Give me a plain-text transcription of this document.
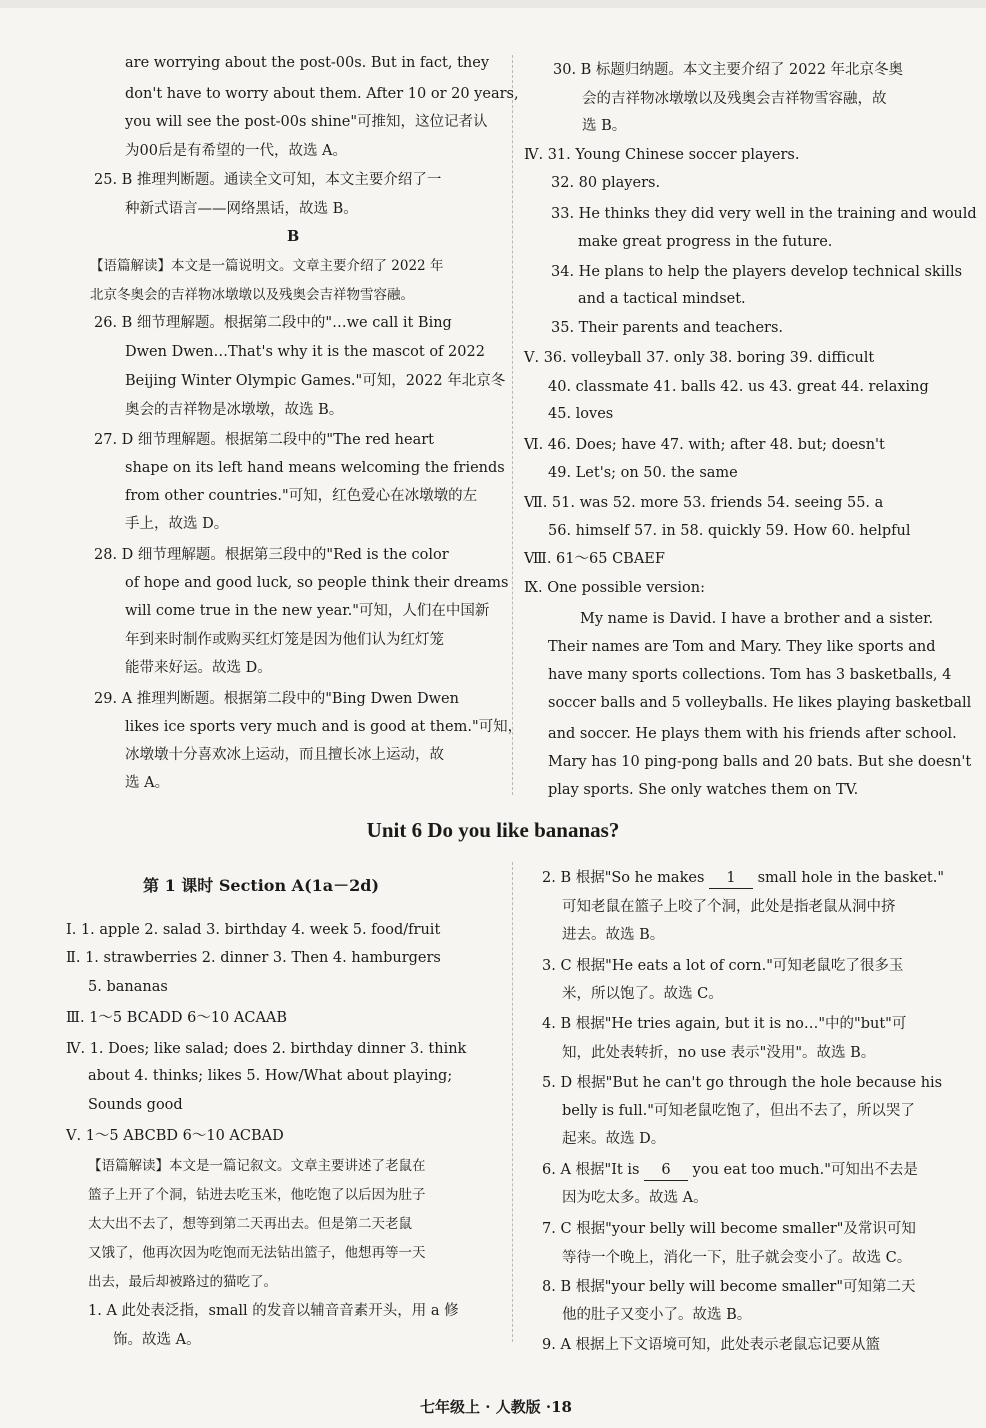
are worrying about the post-00s. But in fact, they
don't have to worry about them. After 10 or 20 years,
you will see the post-00s shine"可推知，这位记者认
为00后是有希望的一代，故选 A。
25. B 推理判断题。通读全文可知，本文主要介绍了一
种新式语言——网络黑话，故选 B。
B
【语篇解读】本文是一篇说明文。文章主要介绍了 2022 年
北京冬奥会的吉祥物冰墩墩以及残奥会吉祥物雪容融。
26. B 细节理解题。根据第二段中的"…we call it Bing
Dwen Dwen…That's why it is the mascot of 2022
Beijing Winter Olympic Games."可知，2022 年北京冬
奥会的吉祥物是冰墩墩，故选 B。
27. D 细节理解题。根据第二段中的"The red heart
shape on its left hand means welcoming the friends
from other countries."可知，红色爱心在冰墩墩的左
手上，故选 D。
28. D 细节理解题。根据第三段中的"Red is the color
of hope and good luck, so people think their dreams
will come true in the new year."可知，人们在中国新
年到来时制作或购买红灯笼是因为他们认为红灯笼
能带来好运。故选 D。
29. A 推理判断题。根据第二段中的"Bing Dwen Dwen
likes ice sports very much and is good at them."可知，
冰墩墩十分喜欢冰上运动，而且擅长冰上运动，故
选 A。
30. B 标题归纳题。本文主要介绍了 2022 年北京冬奥
会的吉祥物冰墩墩以及残奥会吉祥物雪容融，故
选 B。
Ⅳ. 31. Young Chinese soccer players.
32. 80 players.
33. He thinks they did very well in the training and would
make great progress in the future.
34. He plans to help the players develop technical skills
and a tactical mindset.
35. Their parents and teachers.
Ⅴ. 36. volleyball 37. only 38. boring 39. difficult
40. classmate 41. balls 42. us 43. great 44. relaxing
45. loves
Ⅵ. 46. Does; have 47. with; after 48. but; doesn't
49. Let's; on 50. the same
Ⅶ. 51. was 52. more 53. friends 54. seeing 55. a
56. himself 57. in 58. quickly 59. How 60. helpful
Ⅷ. 61～65 CBAEF
Ⅸ. One possible version:
My name is David. I have a brother and a sister.
Their names are Tom and Mary. They like sports and
have many sports collections. Tom has 3 basketballs, 4
soccer balls and 5 volleyballs. He likes playing basketball
and soccer. He plays them with his friends after school.
Mary has 10 ping-pong balls and 20 bats. But she doesn't
play sports. She only watches them on TV.
Unit 6 Do you like bananas?
第 1 课时 Section A(1a－2d)
Ⅰ. 1. apple 2. salad 3. birthday 4. week 5. food/fruit
Ⅱ. 1. strawberries 2. dinner 3. Then 4. hamburgers
5. bananas
Ⅲ. 1～5 BCADD 6～10 ACAAB
Ⅳ. 1. Does; like salad; does 2. birthday dinner 3. think
about 4. thinks; likes 5. How/What about playing;
Sounds good
Ⅴ. 1～5 ABCBD 6～10 ACBAD
【语篇解读】本文是一篇记叙文。文章主要讲述了老鼠在
篮子上开了个洞，钻进去吃玉米，他吃饱了以后因为肚子
太大出不去了，想等到第二天再出去。但是第二天老鼠
又饿了，他再次因为吃饱而无法钻出篮子，他想再等一天
出去，最后却被路过的猫吃了。
1. A 此处表泛指，small 的发音以辅音音素开头，用 a 修
饰。故选 A。
2. B 根据"So he makes 1 small hole in the basket."
可知老鼠在篮子上咬了个洞，此处是指老鼠从洞中挤
进去。故选 B。
3. C 根据"He eats a lot of corn."可知老鼠吃了很多玉
米，所以饱了。故选 C。
4. B 根据"He tries again, but it is no…"中的"but"可
知，此处表转折，no use 表示"没用"。故选 B。
5. D 根据"But he can't go through the hole because his
belly is full."可知老鼠吃饱了，但出不去了，所以哭了
起来。故选 D。
6. A 根据"It is 6 you eat too much."可知出不去是
因为吃太多。故选 A。
7. C 根据"your belly will become smaller"及常识可知
等待一个晚上，消化一下，肚子就会变小了。故选 C。
8. B 根据"your belly will become smaller"可知第二天
他的肚子又变小了。故选 B。
9. A 根据上下文语境可知，此处表示老鼠忘记要从篮
七年级上 · 人教版 ·18
